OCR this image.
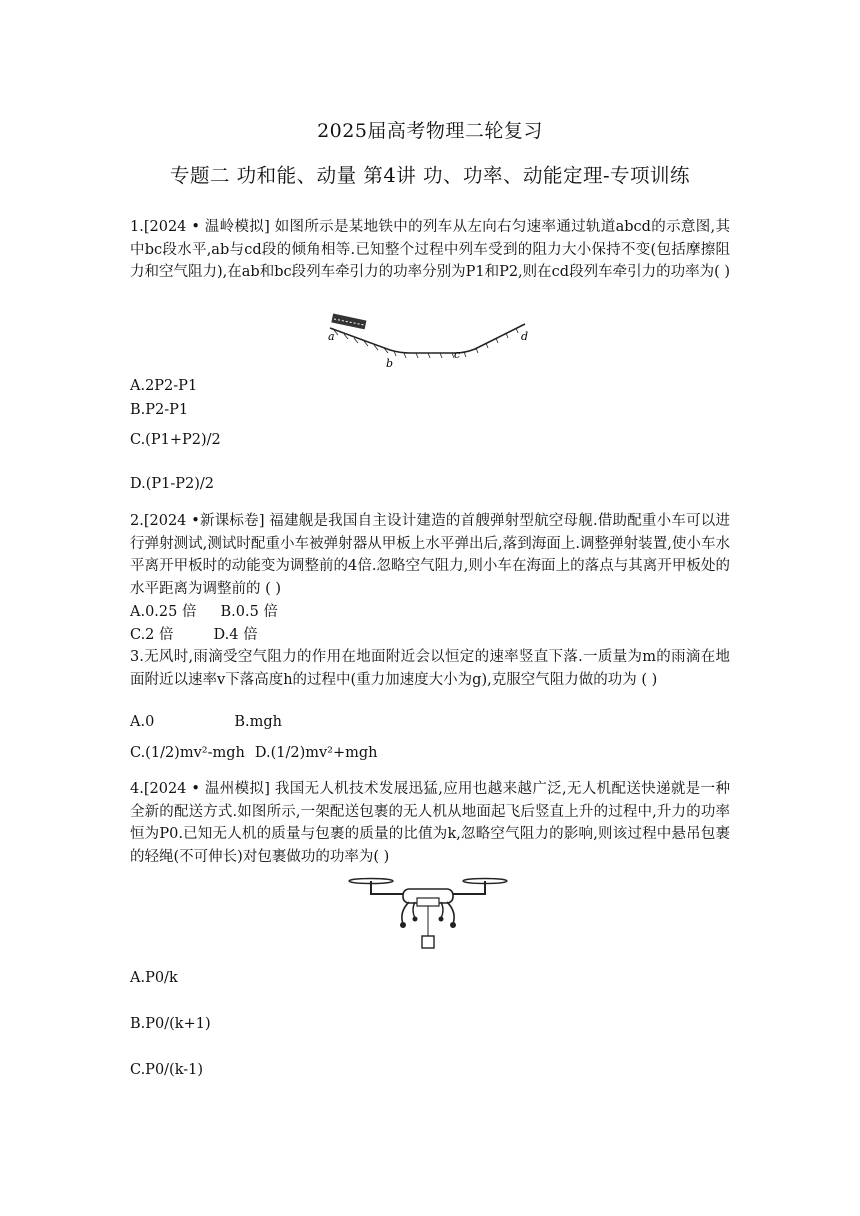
2025届高考物理二轮复习
专题二 功和能、动量 第4讲 功、功率、动能定理-专项训练
1.[2024 • 温岭模拟] 如图所示是某地铁中的列车从左向右匀速率通过轨道abcd的示意图,其中bc段水平,ab与cd段的倾角相等.已知整个过程中列车受到的阻力大小保持不变(包括摩擦阻力和空气阻力),在ab和bc段列车牵引力的功率分别为P1和P2,则在cd段列车牵引力的功率为( )
a
b
c
d
A.2P2-P1
B.P2-P1
C.(P1+P2)/2
D.(P1-P2)/2
2.[2024 •新课标卷] 福建舰是我国自主设计建造的首艘弹射型航空母舰.借助配重小车可以进行弹射测试,测试时配重小车被弹射器从甲板上水平弹出后,落到海面上.调整弹射装置,使小车水平离开甲板时的动能变为调整前的4倍.忽略空气阻力,则小车在海面上的落点与其离开甲板处的水平距离为调整前的 ( )
A.0.25 倍 B.0.5 倍
C.2 倍	D.4 倍
3.无风时,雨滴受空气阻力的作用在地面附近会以恒定的速率竖直下落.一质量为m的雨滴在地面附近以速率v下落高度h的过程中(重力加速度大小为g),克服空气阻力做的功为 ( )
A.0	B.mgh
C.(1/2)mv²-mgh D.(1/2)mv²+mgh
4.[2024 • 温州模拟] 我国无人机技术发展迅猛,应用也越来越广泛,无人机配送快递就是一种全新的配送方式.如图所示,一架配送包裹的无人机从地面起飞后竖直上升的过程中,升力的功率恒为P0.已知无人机的质量与包裹的质量的比值为k,忽略空气阻力的影响,则该过程中悬吊包裹的轻绳(不可伸长)对包裹做功的功率为( )
A.P0/k
B.P0/(k+1)
C.P0/(k-1)
